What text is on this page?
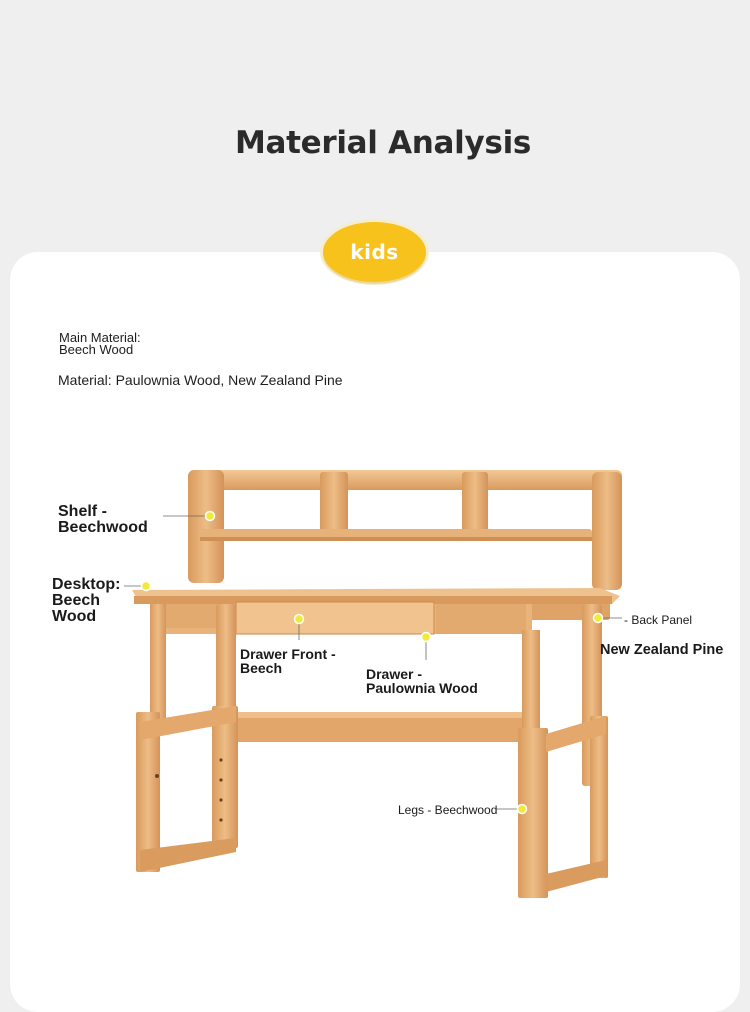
Material Analysis
kids
Main Material:
Beech Wood
Material: Paulownia Wood, New Zealand Pine
Shelf -
Beechwood
Desktop:
Beech
Wood
Drawer Front -
Beech	Drawer -
Paulownia Wood
- Back Panel
New Zealand Pine
Legs - Beechwood
